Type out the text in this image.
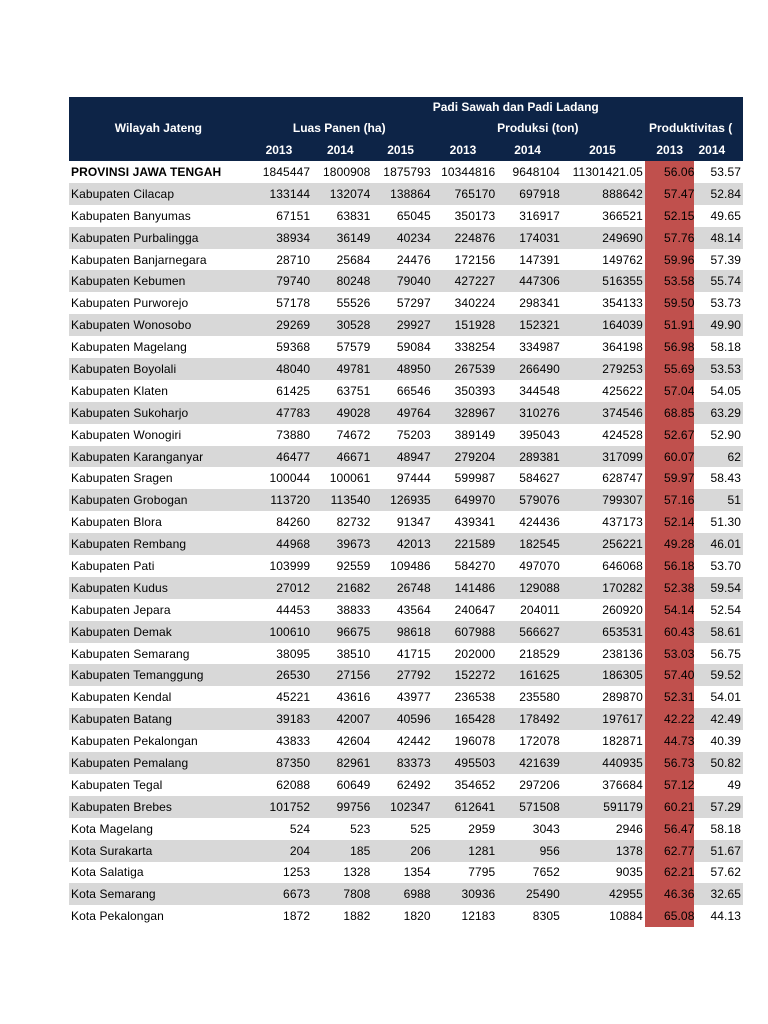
				Padi Sawah dan Padi Ladang				
Wilayah Jateng	Luas Panen (ha)			Produksi (ton)			Produktivitas (	
	2013	2014	2015	2013	2014	2015	2013	2014
PROVINSI JAWA TENGAH	1845447	1800908	1875793	10344816	9648104	11301421.05	56.06	53.57
Kabupaten Cilacap	133144	132074	138864	765170	697918	888642	57.47	52.84
Kabupaten Banyumas	67151	63831	65045	350173	316917	366521	52.15	49.65
Kabupaten Purbalingga	38934	36149	40234	224876	174031	249690	57.76	48.14
Kabupaten Banjarnegara	28710	25684	24476	172156	147391	149762	59.96	57.39
Kabupaten Kebumen	79740	80248	79040	427227	447306	516355	53.58	55.74
Kabupaten Purworejo	57178	55526	57297	340224	298341	354133	59.50	53.73
Kabupaten Wonosobo	29269	30528	29927	151928	152321	164039	51.91	49.90
Kabupaten Magelang	59368	57579	59084	338254	334987	364198	56.98	58.18
Kabupaten Boyolali	48040	49781	48950	267539	266490	279253	55.69	53.53
Kabupaten Klaten	61425	63751	66546	350393	344548	425622	57.04	54.05
Kabupaten Sukoharjo	47783	49028	49764	328967	310276	374546	68.85	63.29
Kabupaten Wonogiri	73880	74672	75203	389149	395043	424528	52.67	52.90
Kabupaten Karanganyar	46477	46671	48947	279204	289381	317099	60.07	62
Kabupaten Sragen	100044	100061	97444	599987	584627	628747	59.97	58.43
Kabupaten Grobogan	113720	113540	126935	649970	579076	799307	57.16	51
Kabupaten Blora	84260	82732	91347	439341	424436	437173	52.14	51.30
Kabupaten Rembang	44968	39673	42013	221589	182545	256221	49.28	46.01
Kabupaten Pati	103999	92559	109486	584270	497070	646068	56.18	53.70
Kabupaten Kudus	27012	21682	26748	141486	129088	170282	52.38	59.54
Kabupaten Jepara	44453	38833	43564	240647	204011	260920	54.14	52.54
Kabupaten Demak	100610	96675	98618	607988	566627	653531	60.43	58.61
Kabupaten Semarang	38095	38510	41715	202000	218529	238136	53.03	56.75
Kabupaten Temanggung	26530	27156	27792	152272	161625	186305	57.40	59.52
Kabupaten Kendal	45221	43616	43977	236538	235580	289870	52.31	54.01
Kabupaten Batang	39183	42007	40596	165428	178492	197617	42.22	42.49
Kabupaten Pekalongan	43833	42604	42442	196078	172078	182871	44.73	40.39
Kabupaten Pemalang	87350	82961	83373	495503	421639	440935	56.73	50.82
Kabupaten Tegal	62088	60649	62492	354652	297206	376684	57.12	49
Kabupaten Brebes	101752	99756	102347	612641	571508	591179	60.21	57.29
Kota Magelang	524	523	525	2959	3043	2946	56.47	58.18
Kota Surakarta	204	185	206	1281	956	1378	62.77	51.67
Kota Salatiga	1253	1328	1354	7795	7652	9035	62.21	57.62
Kota Semarang	6673	7808	6988	30936	25490	42955	46.36	32.65
Kota Pekalongan	1872	1882	1820	12183	8305	10884	65.08	44.13
